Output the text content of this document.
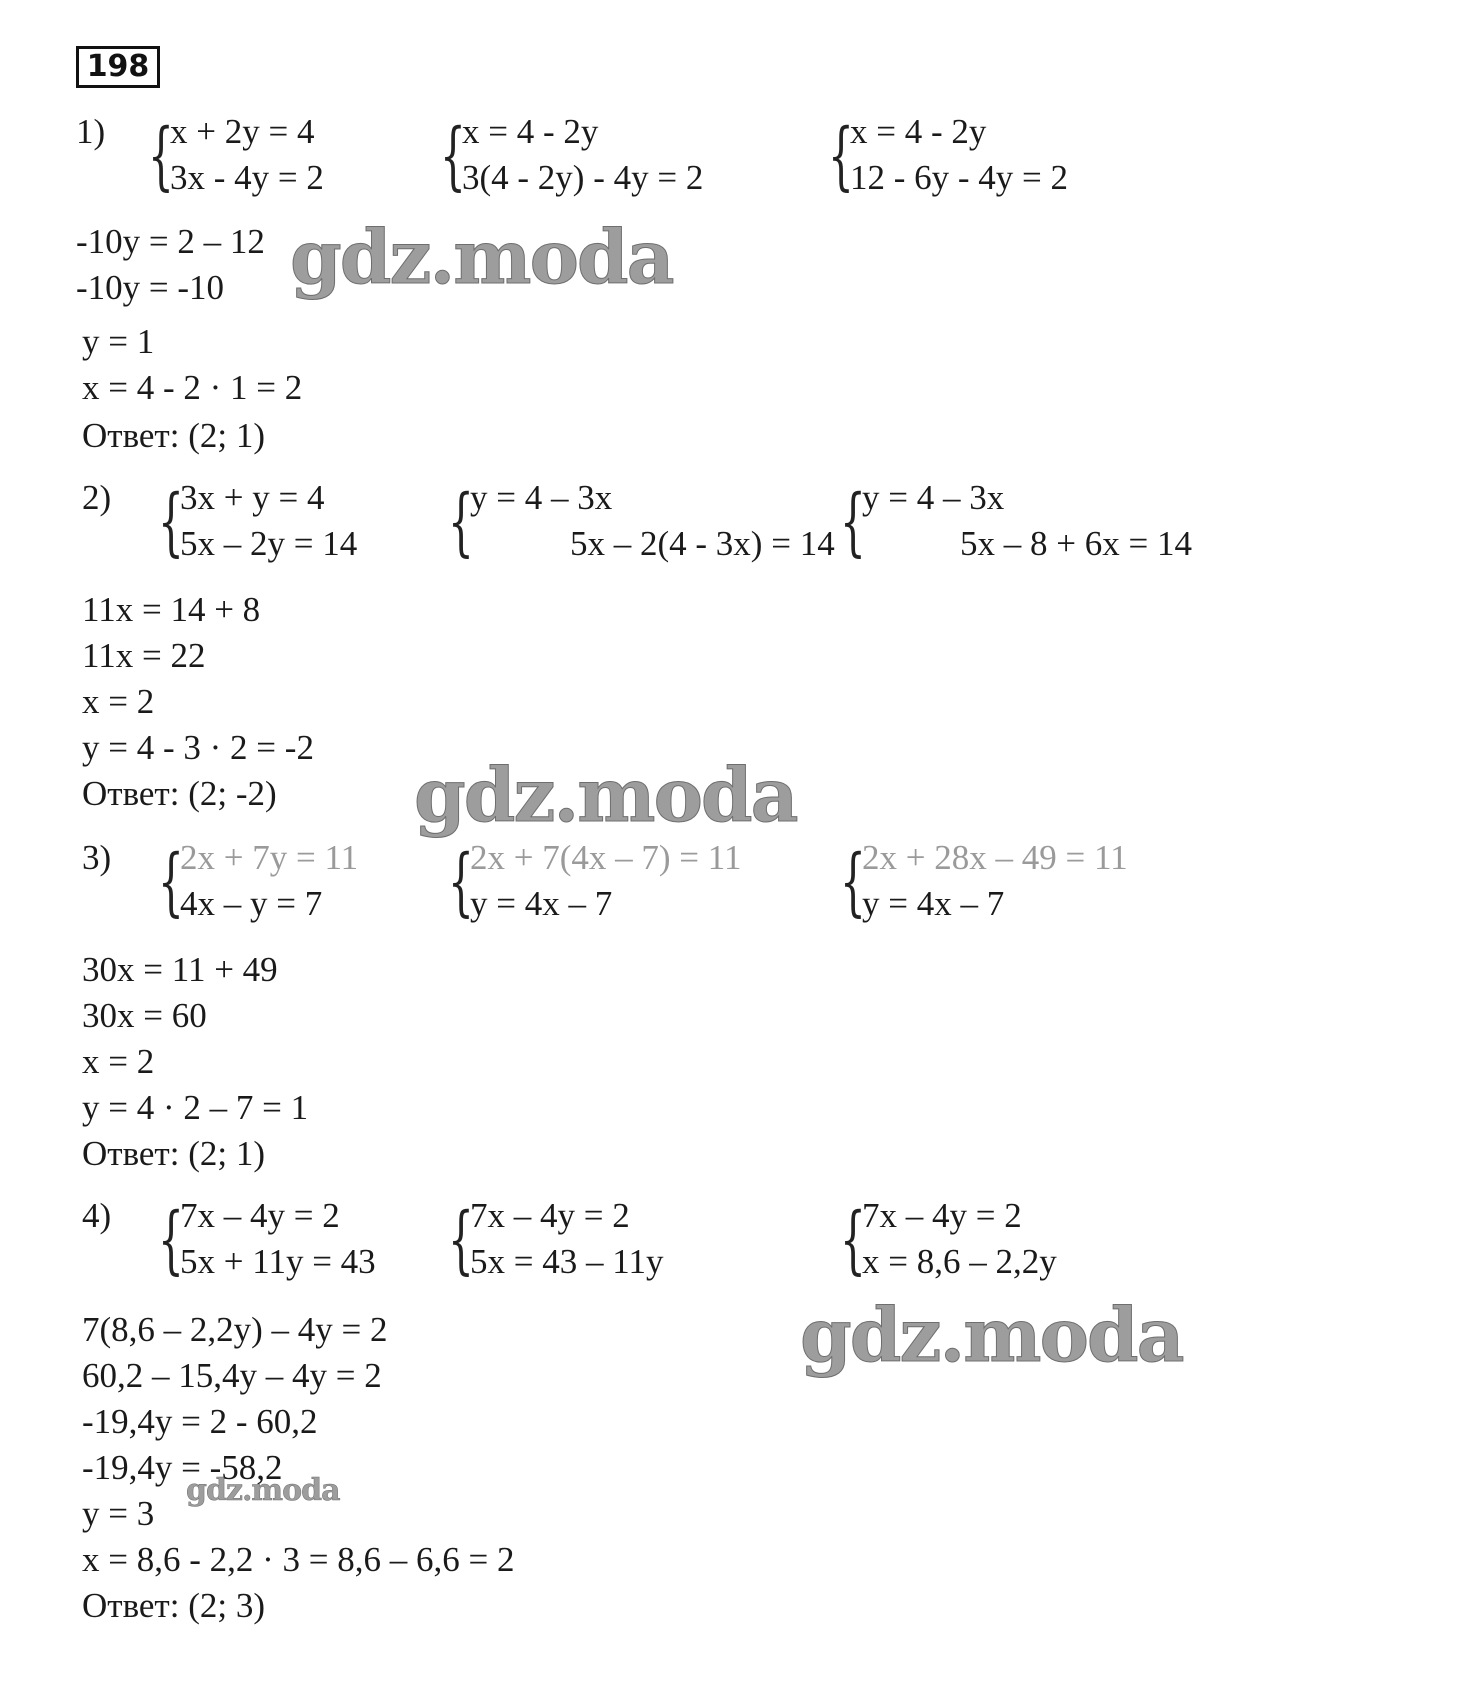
198
1) {
x + 2y = 4
3x - 4y = 2 {
x = 4 - 2y
3(4 - 2y) - 4y = 2 {
x = 4 - 2y
12 - 6y - 4y = 2
-10y = 2 – 12
-10y = -10
y = 1
x = 4 - 2 · 1 = 2
Ответ: (2; 1)
2) {
3x + y = 4
5x – 2y = 14 {
y = 4 – 3x
5x – 2(4 - 3x) = 14 {
y = 4 – 3x
5x – 8 + 6x = 14
11x = 14 + 8
11x = 22
x = 2
y = 4 - 3 · 2 = -2
Ответ: (2; -2)
3) {
2x + 7y = 11
4x – y = 7 {
2x + 7(4x – 7) = 11
y = 4x – 7	{
2x + 28x – 49 = 11
y = 4x – 7
30x = 11 + 49
30x = 60
x = 2
y = 4 · 2 – 7 = 1
Ответ: (2; 1)
4) {
7x – 4y = 2
5x + 11y = 43 {
7x – 4y = 2
5x = 43 – 11y {
7x – 4y = 2
x = 8,6 – 2,2y
7(8,6 – 2,2y) – 4y = 2
60,2 – 15,4y – 4y = 2
-19,4y = 2 - 60,2
-19,4y = -58,2
y = 3
x = 8,6 - 2,2 · 3 = 8,6 – 6,6 = 2
Ответ: (2; 3)
gdz.moda
gdz.moda
gdz.moda
gdz.moda
